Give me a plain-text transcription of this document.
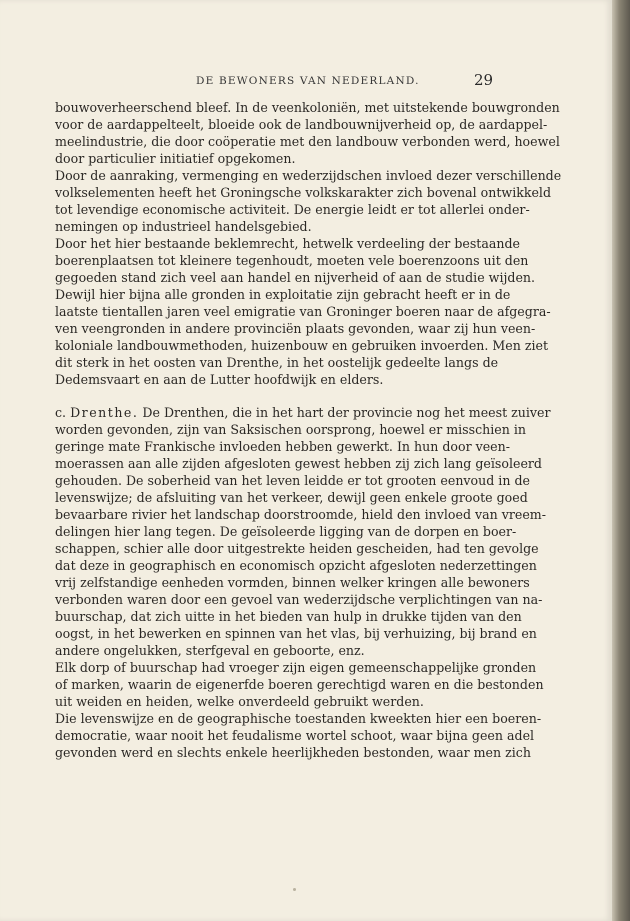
DE BEWONERS VAN NEDERLAND.	29
bouwoverheerschend bleef. In de veenkoloniën, met uitstekende bouwgronden
voor de aardappelteelt, bloeide ook de landbouwnijverheid op, de aardappel-
meelindustrie, die door coöperatie met den landbouw verbonden werd, hoewel
door particulier initiatief opgekomen.
Door de aanraking, vermenging en wederzijdschen invloed dezer verschillende
volkselementen heeft het Groningsche volkskarakter zich bovenal ontwikkeld
tot levendige economische activiteit. De energie leidt er tot allerlei onder-
nemingen op industrieel handelsgebied.
Door het hier bestaande beklemrecht, hetwelk verdeeling der bestaande
boerenplaatsen tot kleinere tegenhoudt, moeten vele boerenzoons uit den
gegoeden stand zich veel aan handel en nijverheid of aan de studie wijden.
Dewijl hier bijna alle gronden in exploitatie zijn gebracht heeft er in de
laatste tientallen jaren veel emigratie van Groninger boeren naar de afgegra-
ven veengronden in andere provinciën plaats gevonden, waar zij hun veen-
koloniale landbouwmethoden, huizenbouw en gebruiken invoerden. Men ziet
dit sterk in het oosten van Drenthe, in het oostelijk gedeelte langs de
Dedemsvaart en aan de Lutter hoofdwijk en elders.
c. Drenthe. De Drenthen, die in het hart der provincie nog het meest zuiver
worden gevonden, zijn van Saksischen oorsprong, hoewel er misschien in
geringe mate Frankische invloeden hebben gewerkt. In hun door veen-
moerassen aan alle zijden afgesloten gewest hebben zij zich lang geïsoleerd
gehouden. De soberheid van het leven leidde er tot grooten eenvoud in de
levenswijze; de afsluiting van het verkeer, dewijl geen enkele groote goed
bevaarbare rivier het landschap doorstroomde, hield den invloed van vreem-
delingen hier lang tegen. De geïsoleerde ligging van de dorpen en boer-
schappen, schier alle door uitgestrekte heiden gescheiden, had ten gevolge
dat deze in geographisch en economisch opzicht afgesloten nederzettingen
vrij zelfstandige eenheden vormden, binnen welker kringen alle bewoners
verbonden waren door een gevoel van wederzijdsche verplichtingen van na-
buurschap, dat zich uitte in het bieden van hulp in drukke tijden van den
oogst, in het bewerken en spinnen van het vlas, bij verhuizing, bij brand en
andere ongelukken, sterfgeval en geboorte, enz.
Elk dorp of buurschap had vroeger zijn eigen gemeenschappelijke gronden
of marken, waarin de eigenerfde boeren gerechtigd waren en die bestonden
uit weiden en heiden, welke onverdeeld gebruikt werden.
Die levenswijze en de geographische toestanden kweekten hier een boeren-
democratie, waar nooit het feudalisme wortel schoot, waar bijna geen adel
gevonden werd en slechts enkele heerlijkheden bestonden, waar men zich
